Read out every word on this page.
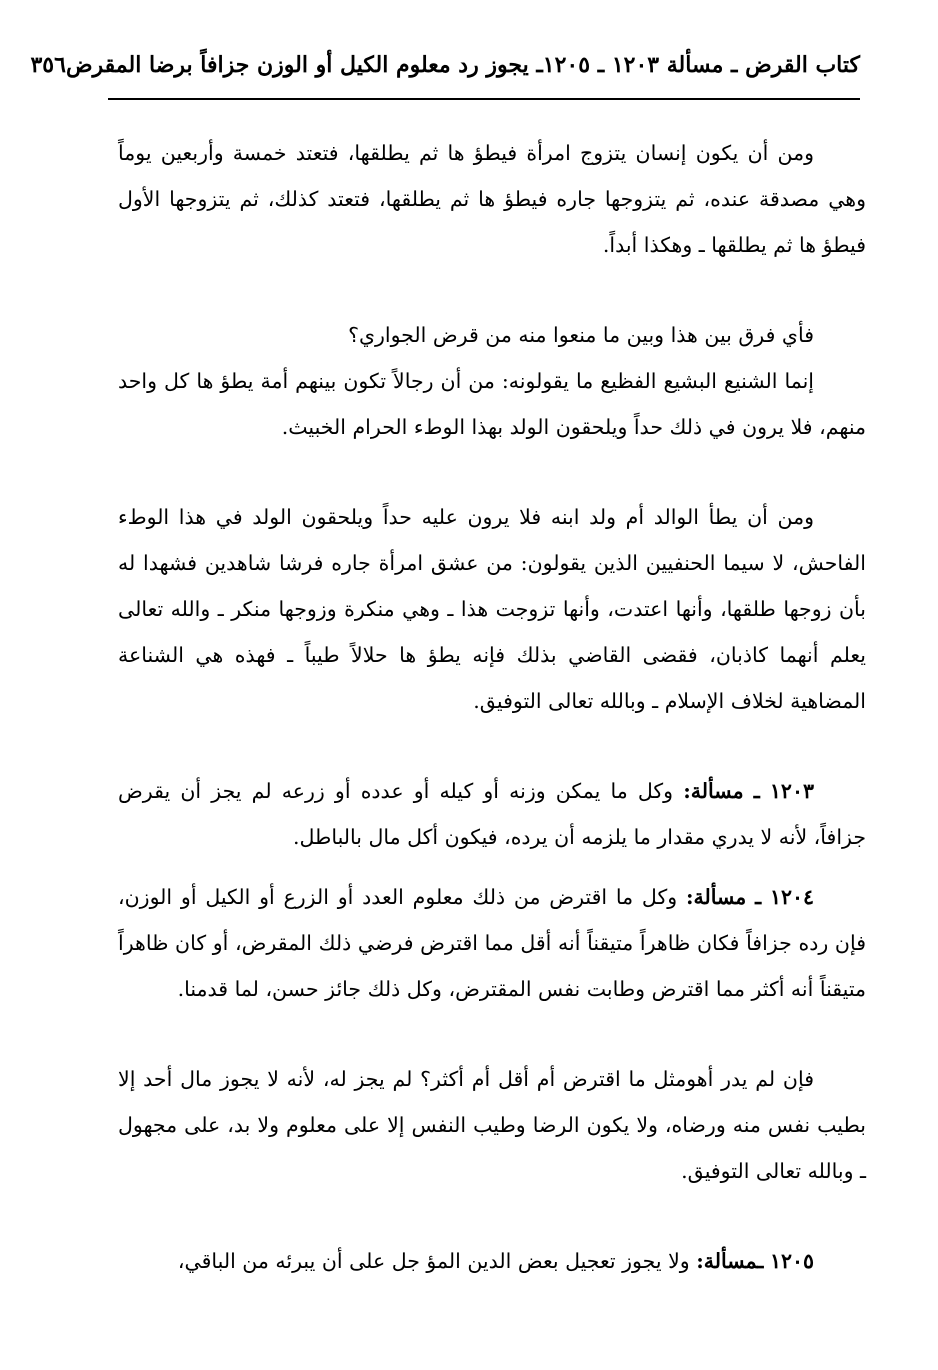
كتاب القرض ـ مسألة ١٢٠٣ ـ ١٢٠٥ـ يجوز رد معلوم الكيل أو الوزن جزافاً برضا المقرض
٣٥٦

ومن أن يكون إنسان يتزوج امرأة فيطؤ ها ثم يطلقها، فتعتد خمسة وأربعين يوماً وهي مصدقة عنده، ثم يتزوجها جاره فيطؤ ها ثم يطلقها، فتعتد كذلك، ثم يتزوجها الأول فيطؤ ها ثم يطلقها ـ وهكذا أبداً.

فأي فرق بين هذا وبين ما منعوا منه من قرض الجواري؟

إنما الشنيع البشيع الفظيع ما يقولونه: من أن رجالاً تكون بينهم أمة يطؤ ها كل واحد منهم، فلا يرون في ذلك حداً ويلحقون الولد بهذا الوطء الحرام الخبيث.

ومن أن يطأ الوالد أم ولد ابنه فلا يرون عليه حداً ويلحقون الولد في هذا الوطء الفاحش، لا سيما الحنفيين الذين يقولون: من عشق امرأة جاره فرشا شاهدين فشهدا له بأن زوجها طلقها، وأنها اعتدت، وأنها تزوجت هذا ـ وهي منكرة وزوجها منكر ـ والله تعالى يعلم أنهما كاذبان، فقضى القاضي بذلك فإنه يطؤ ها حلالاً طيباً ـ فهذه هي الشناعة المضاهية لخلاف الإسلام ـ وبالله تعالى التوفيق.

١٢٠٣ ـ مسألة: وكل ما يمكن وزنه أو كيله أو عدده أو زرعه لم يجز أن يقرض جزافاً، لأنه لا يدري مقدار ما يلزمه أن يرده، فيكون أكل مال بالباطل.

١٢٠٤ ـ مسألة: وكل ما اقترض من ذلك معلوم العدد أو الزرع أو الكيل أو الوزن، فإن رده جزافاً فكان ظاهراً متيقناً أنه أقل مما اقترض فرضي ذلك المقرض، أو كان ظاهراً متيقناً أنه أكثر مما اقترض وطابت نفس المقترض، وكل ذلك جائز حسن، لما قدمنا.

فإن لم يدر أهومثل ما اقترض أم أقل أم أكثر؟ لم يجز له، لأنه لا يجوز مال أحد إلا بطيب نفس منه ورضاه، ولا يكون الرضا وطيب النفس إلا على معلوم ولا بد، على مجهول ـ وبالله تعالى التوفيق.

١٢٠٥ ـمسألة: ولا يجوز تعجيل بعض الدين المؤ جل على أن يبرئه من الباقي،
